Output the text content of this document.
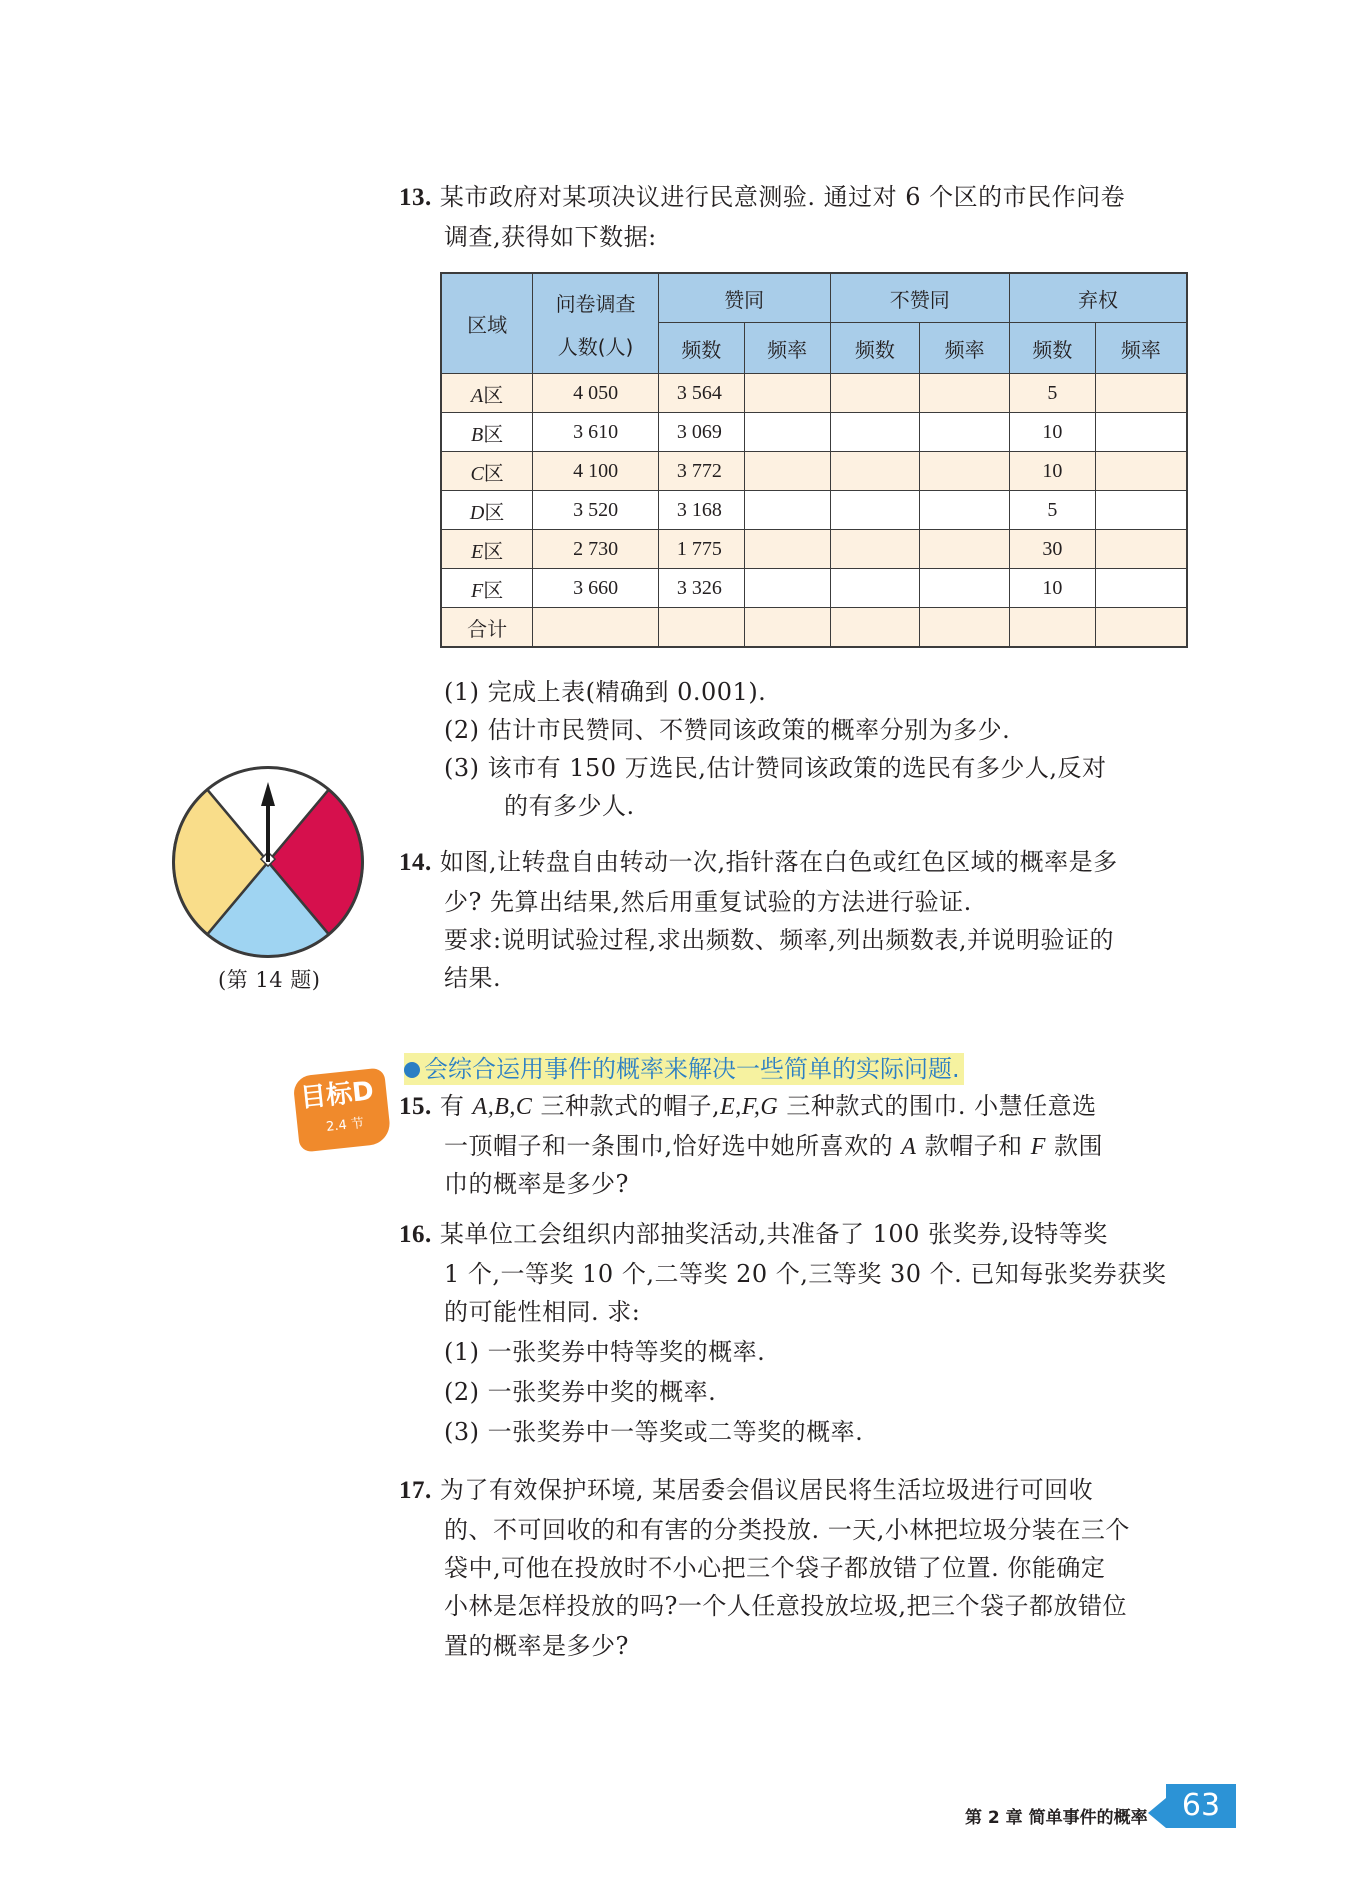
13. 某市政府对某项决议进行民意测验. 通过对 6 个区的市民作问卷
调查,获得如下数据:
区域	问卷调查
人数(人)	赞同		不赞同		弃权	
		频数	频率	频数	频率	频数	频率
A区	4 050	3 564				5	
B区	3 610	3 069				10	
C区	4 100	3 772				10	
D区	3 520	3 168				5	
E区	2 730	1 775				30	
F区	3 660	3 326				10	
合计							
(1) 完成上表(精确到 0.001).
(2) 估计市民赞同、不赞同该政策的概率分别为多少.
(3) 该市有 150 万选民,估计赞同该政策的选民有多少人,反对
的有多少人.
(第 14 题)
14. 如图,让转盘自由转动一次,指针落在白色或红色区域的概率是多
少? 先算出结果,然后用重复试验的方法进行验证.
要求:说明试验过程,求出频数、频率,列出频数表,并说明验证的
结果.
目标D
2.4 节
会综合运用事件的概率来解决一些简单的实际问题.
15. 有 A,B,C 三种款式的帽子,E,F,G 三种款式的围巾. 小慧任意选
一顶帽子和一条围巾,恰好选中她所喜欢的 A 款帽子和 F 款围
巾的概率是多少?
16. 某单位工会组织内部抽奖活动,共准备了 100 张奖券,设特等奖
1 个,一等奖 10 个,二等奖 20 个,三等奖 30 个. 已知每张奖券获奖
的可能性相同. 求:
(1) 一张奖券中特等奖的概率.
(2) 一张奖券中奖的概率.
(3) 一张奖券中一等奖或二等奖的概率.
17. 为了有效保护环境, 某居委会倡议居民将生活垃圾进行可回收
的、不可回收的和有害的分类投放. 一天,小林把垃圾分装在三个
袋中,可他在投放时不小心把三个袋子都放错了位置. 你能确定
小林是怎样投放的吗?一个人任意投放垃圾,把三个袋子都放错位
置的概率是多少?
第 2 章 简单事件的概率	63
